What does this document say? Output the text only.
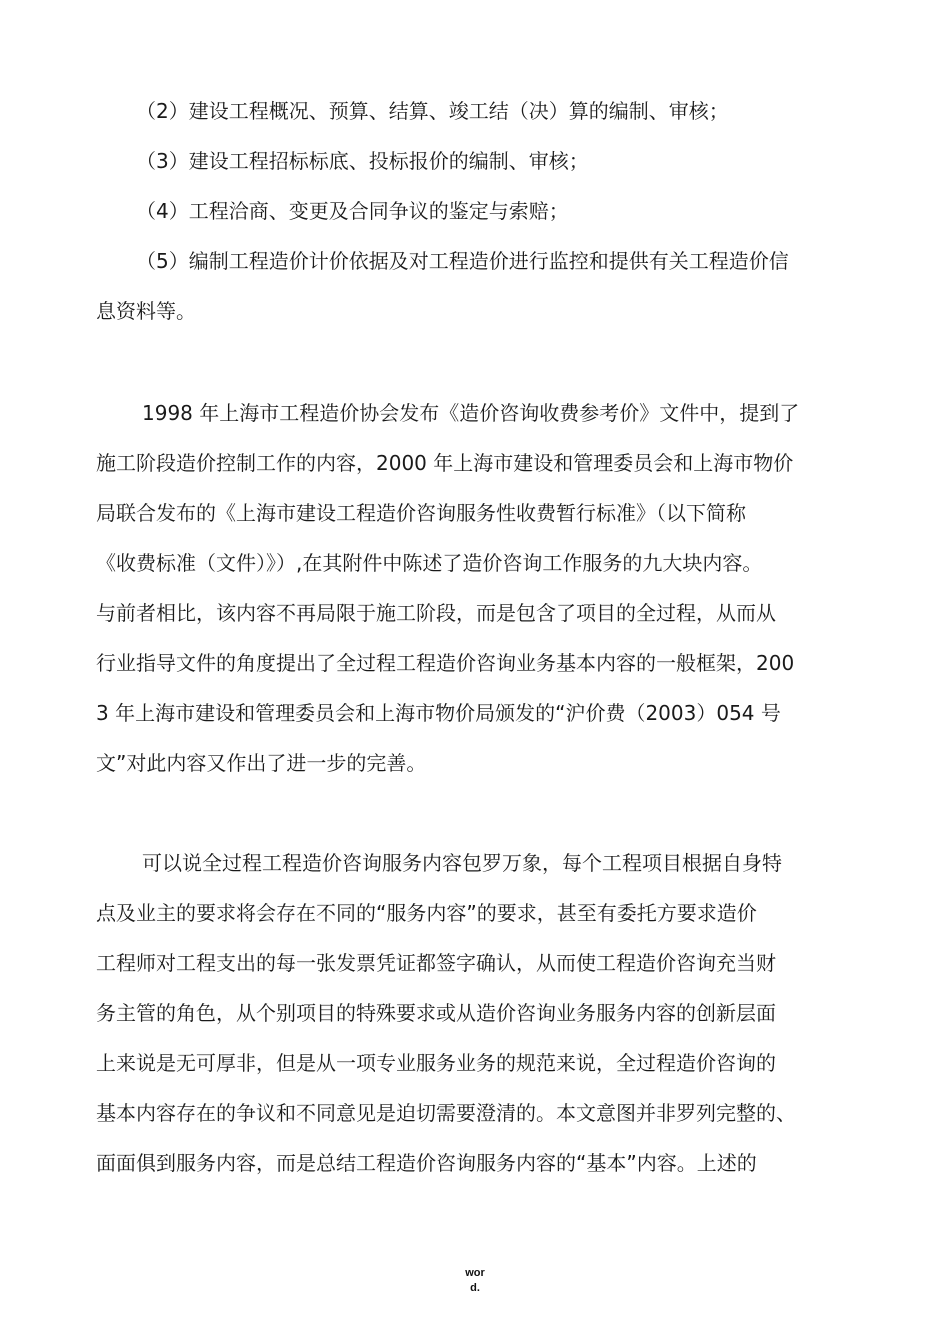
（2）建设工程概况、预算、结算、竣工结（决）算的编制、审核；
（3）建设工程招标标底、投标报价的编制、审核；
（4）工程洽商、变更及合同争议的鉴定与索赔；
（5）编制工程造价计价依据及对工程造价进行监控和提供有关工程造价信
息资料等。
1998 年上海市工程造价协会发布《造价咨询收费参考价》文件中，提到了
施工阶段造价控制工作的内容，2000 年上海市建设和管理委员会和上海市物价
局联合发布的《上海市建设工程造价咨询服务性收费暂行标准》（以下简称
《收费标准（文件）》）,在其附件中陈述了造价咨询工作服务的九大块内容。
与前者相比，该内容不再局限于施工阶段，而是包含了项目的全过程，从而从
行业指导文件的角度提出了全过程工程造价咨询业务基本内容的一般框架，200
3 年上海市建设和管理委员会和上海市物价局颁发的“沪价费（2003）054 号
文”对此内容又作出了进一步的完善。
可以说全过程工程造价咨询服务内容包罗万象，每个工程项目根据自身特
点及业主的要求将会存在不同的“服务内容”的要求，甚至有委托方要求造价
工程师对工程支出的每一张发票凭证都签字确认，从而使工程造价咨询充当财
务主管的角色，从个别项目的特殊要求或从造价咨询业务服务内容的创新层面
上来说是无可厚非，但是从一项专业服务业务的规范来说，全过程造价咨询的
基本内容存在的争议和不同意见是迫切需要澄清的。本文意图并非罗列完整的、
面面俱到服务内容，而是总结工程造价咨询服务内容的“基本”内容。上述的
wor
d.
